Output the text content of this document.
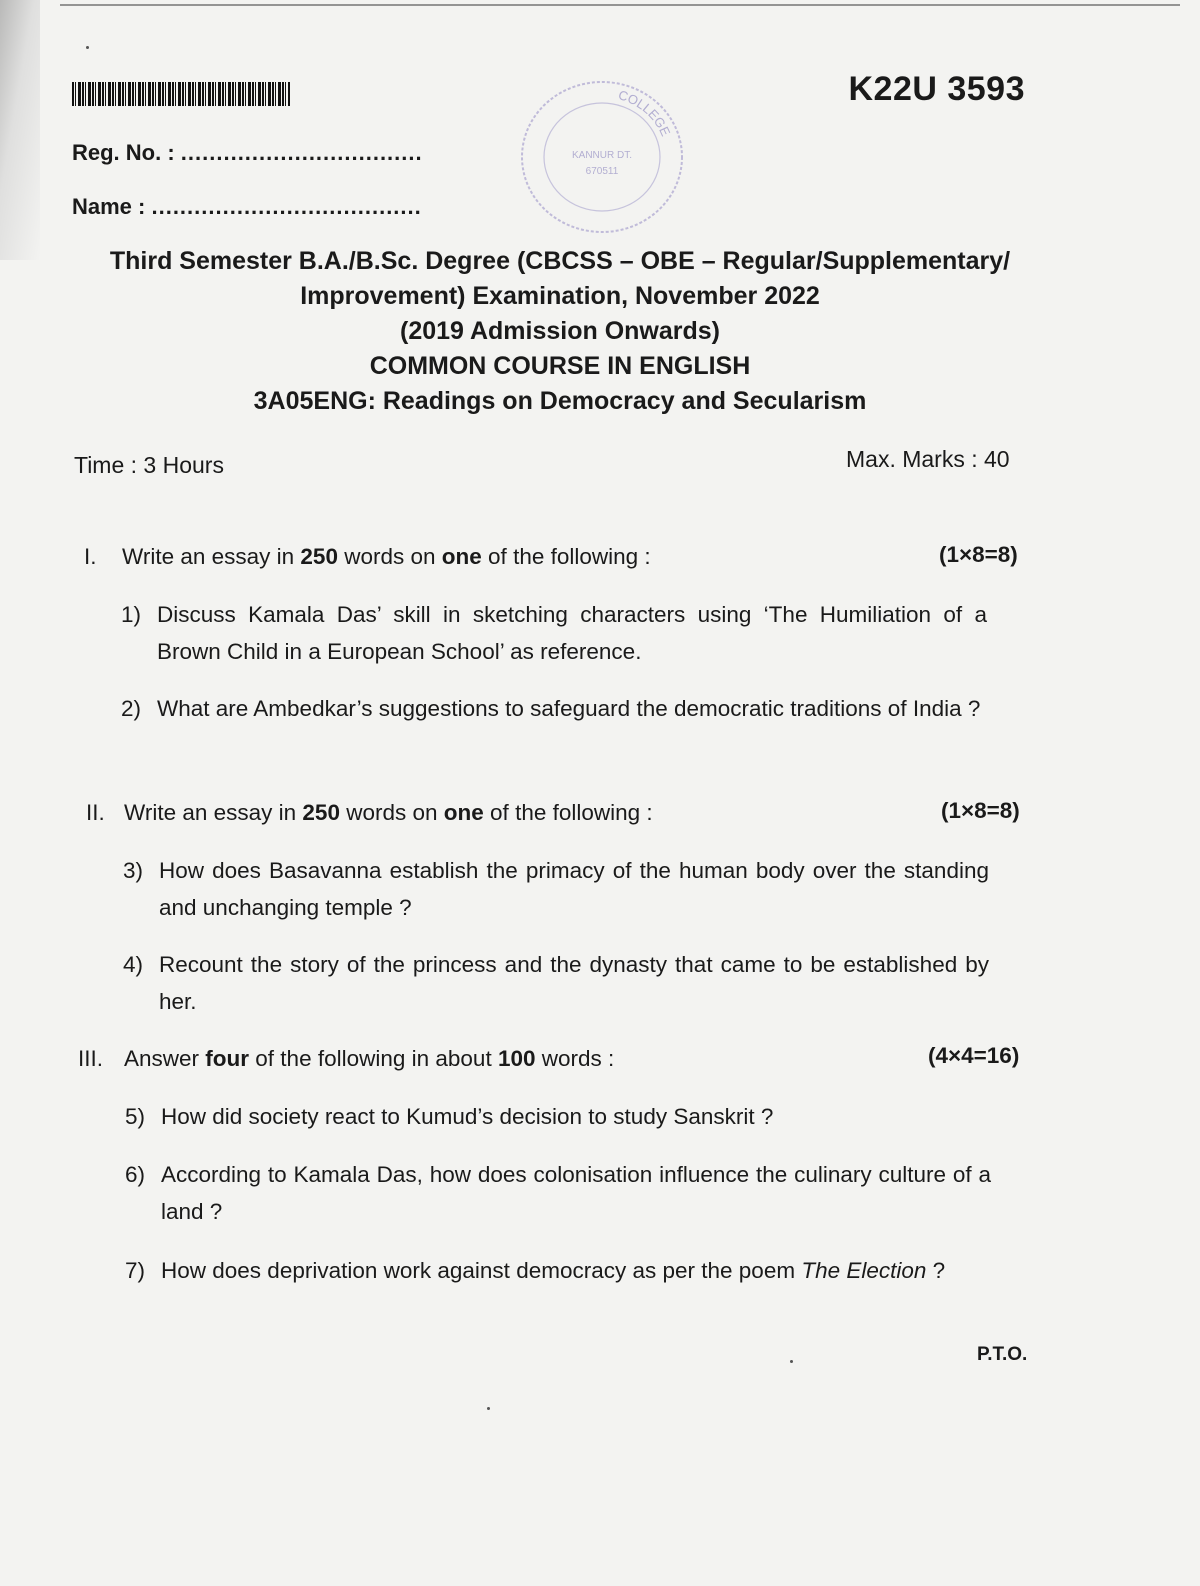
K22U 3593
Reg. No. : ..................................
Name : ......................................
COLLEGE
KANNUR DT.
670511
Third Semester B.A./B.Sc. Degree (CBCSS – OBE – Regular/Supplementary/
Improvement) Examination, November 2022
(2019 Admission Onwards)
COMMON COURSE IN ENGLISH
3A05ENG: Readings on Democracy and Secularism
Time : 3 Hours	Max. Marks : 40
I. Write an essay in 250 words on one of the following :	(1×8=8)
1) Discuss Kamala Das’ skill in sketching characters using ‘The Humiliation of a Brown Child in a European School’ as reference.
2) What are Ambedkar’s suggestions to safeguard the democratic traditions of India ?
II. Write an essay in 250 words on one of the following :	(1×8=8)
3) How does Basavanna establish the primacy of the human body over the standing and unchanging temple ?
4) Recount the story of the princess and the dynasty that came to be established by her.
III. Answer four of the following in about 100 words :	(4×4=16)
5) How did society react to Kumud’s decision to study Sanskrit ?
6) According to Kamala Das, how does colonisation influence the culinary culture of a land ?
7) How does deprivation work against democracy as per the poem The Election ?
P.T.O.
